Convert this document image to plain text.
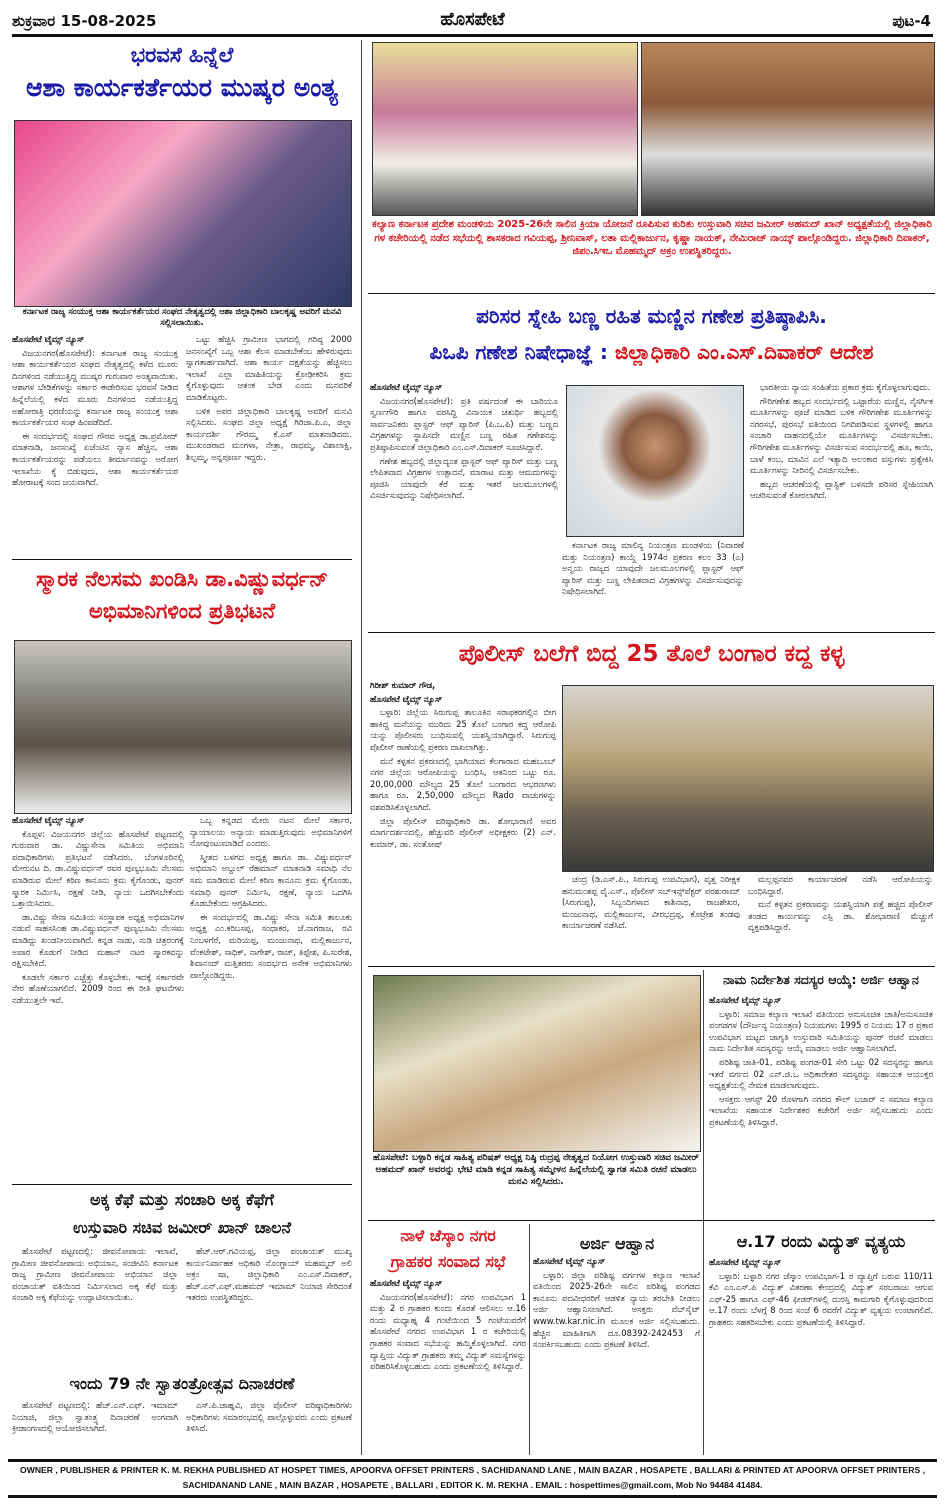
ಶುಕ್ರವಾರ 15-08-2025	ಹೊಸಪೇಟೆ	ಪುಟ-4
ಭರವಸೆ ಹಿನ್ನೆಲೆ
ಆಶಾ ಕಾರ್ಯಕರ್ತೆಯರ ಮುಷ್ಕರ ಅಂತ್ಯ
ಕರ್ನಾಟಕ ರಾಜ್ಯ ಸಂಯುಕ್ತ ಆಶಾ ಕಾರ್ಯಕರ್ತೆಯರ ಸಂಘದ ನೇತೃತ್ವದಲ್ಲಿ ಆಶಾ ಜಿಲ್ಲಾಧಿಕಾರಿ ಬಾಲಕೃಷ್ಣ ಅವರಿಗೆ ಮನವಿ ಸಲ್ಲಿಸಲಾಯಿತು.

ಹೊಸಪೇಟೆ ಟೈಮ್ಸ್ ನ್ಯೂಸ್

ವಿಜಯನಗರ(ಹೊಸಪೇಟೆ): ಕರ್ನಾಟಕ ರಾಜ್ಯ ಸಂಯುಕ್ತ ಆಶಾ ಕಾರ್ಯಕರ್ತೆಯರ ಸಂಘದ ನೇತೃತ್ವದಲ್ಲಿ ಕಳೆದ ಮೂರು ದಿನಗಳಿಂದ ನಡೆಯುತ್ತಿದ್ದ ಮುಷ್ಕರ ಗುರುವಾರ ಅಂತ್ಯವಾಯಿತು. ಆಶಾಗಳ ಬೇಡಿಕೆಗಳನ್ನು ಸರ್ಕಾರ ಈಡೇರಿಸುವ ಭರವಸೆ ನೀಡಿದ ಹಿನ್ನೆಲೆಯಲ್ಲಿ ಕಳೆದ ಮೂರು ದಿನಗಳಿಂದ ನಡೆಯುತ್ತಿದ್ದ ಅಹೋರಾತ್ರಿ ಧರಣಿಯನ್ನು ಕರ್ನಾಟಕ ರಾಜ್ಯ ಸಂಯುಕ್ತ ಆಶಾ ಕಾರ್ಯಕರ್ತೆಯರ ಸಂಘ ಹಿಂಪಡೆದಿದೆ.

ಈ ಸಂದರ್ಭದಲ್ಲಿ ಸಂಘದ ಗೌರವ ಅಧ್ಯಕ್ಷ ಡಾ.ಪ್ರಮೋದ್ ಮಾತನಾಡಿ, ಜನಸಂಖ್ಯೆ ಏಜೆಂಟಿನ ನ್ಯಾಸ ಹೆಚ್ಚಿನ, ಆಶಾ ಕಾರ್ಯಕರ್ತೆಯರನ್ನು ಪಡೆಯಲು ತೀರ್ಮಾನವನ್ನು ಅರೋಗ ಇಲಾಖೆಯ ಕೈ ಬಿಡುವುದು, ಆಶಾ ಕಾರ್ಯಕರ್ತೆಯರ ಹೋರಾಟಕ್ಕೆ ಸಂದ ಜಯವಾಗಿದೆ.

ಒಟ್ಟು ಹೆಚ್ಚಿಸಿ ಗ್ರಾಮೀಣ ಭಾಗದಲ್ಲಿ ಗರಿಷ್ಠ 2000 ಜನಸಂಖ್ಯೆಗೆ ಒಬ್ಬ ಆಶಾ ಕೆಲಸ ಮಾಡಬೇಕೆಂಬ ಹೇಳಿರುವುದು ಸ್ವಾಗತಾರ್ಹವಾಗಿದೆ. ಆಶಾ ಕಾರ್ಯ ದಕ್ಷತೆಯನ್ನು ಹೆಚ್ಚಿಸಲು ಇಲಾಖೆ ಎಲ್ಲಾ ಮಾಹಿತಿಯನ್ನು ಕ್ರೋಢೀಕರಿಸಿ ಕ್ರಮ ಕೈಗೊಳ್ಳುವುದು ಆತಂಕ ಬೇಡ ಎಂದು ಮನವರಿಕೆ ಮಾಡಿಕೊಟ್ಟರು.

ಬಳಿಕ ಅಪರ ಜಿಲ್ಲಾಧಿಕಾರಿ ಬಾಲಕೃಷ್ಣ ಅವರಿಗೆ ಮನವಿ ಸಲ್ಲಿಸಿದರು. ಸಂಘದ ಜಿಲ್ಲಾ ಅಧ್ಯಕ್ಷೆ ಗಿರಿಜಾ.ಪಿ.ಎ, ಜಿಲ್ಲಾ ಕಾರ್ಯದರ್ಶಿ ಗೌರಮ್ಮ ಕೆ.ಎಸ್ ಮಾತನಾಡಿದರು. ಮುಖಂಡರಾದ ಮಂಗಳಾ, ನೇತ್ರಾ, ರಾಧಮ್ಮ, ವಿಶಾಲಾಕ್ಷಿ, ಶಿಲ್ಪಮ್ಮ, ಅನ್ನಪೂರ್ಣ ಇದ್ದರು.

ಸ್ಮಾರಕ ನೆಲಸಮ ಖಂಡಿಸಿ ಡಾ.ವಿಷ್ಣುವರ್ಧನ್
ಅಭಿಮಾನಿಗಳಿಂದ ಪ್ರತಿಭಟನೆ

ಹೊಸಪೇಟೆ ಟೈಮ್ಸ್ ನ್ಯೂಸ್

ಕೊಪ್ಪಳ: ವಿಜಯನಗರ ಜಿಲ್ಲೆಯ ಹೊಸಪೇಟೆ ಪಟ್ಟಣದಲ್ಲಿ ಗುರುವಾರ ಡಾ. ವಿಷ್ಣುಸೇನಾ ಸಮಿತಿಯ ಅಭಿಮಾನಿ ಪದಾಧಿಕಾರಿಗಳು ಪ್ರತಿಭಟನೆ ನಡೆಸಿದರು. ಬೆಂಗಳೂರಿನಲ್ಲಿ ಮೇರುನಟ ದಿ. ಡಾ.ವಿಷ್ಣುವರ್ಧನ್ ರವರ ಪುಣ್ಯಭೂಮಿ ನೆಲಸಮ ಮಾಡಿರುವ ಮೇಲೆ ಕಠಿಣ ಕಾನೂನು ಕ್ರಮ ಕೈಗೊಂಡು, ಪುನರ್ ಸ್ಮಾರಕ ನಿರ್ಮಿಸಿ, ರಕ್ಷಣೆ ನೀಡಿ, ನ್ಯಾಯ ಒದಗಿಸಬೇಕೆಂದು ಒತ್ತಾಯಿಸಿದರು.

ಡಾ.ವಿಷ್ಣು ಸೇನಾ ಸಮಿತಿಯ ಸಂಸ್ಥಾಪಕ ಅಧ್ಯಕ್ಷ ಅಭಿಮಾನಿಗಳ ನಡುವೆ ಸಾಹಸಸಿಂಹ ಡಾ.ವಿಷ್ಣುವರ್ಧನ್ ಪುಣ್ಯಭೂಮಿ ನೆಲಸಮ ಮಾಡಿದ್ದು ಖಂಡನೀಯವಾಗಿದೆ. ಕನ್ನಡ ನಾಡು, ನುಡಿ ಚಿತ್ರರಂಗಕ್ಕೆ ಅಪಾರ ಕೊಡುಗೆ ನೀಡಿದ ಮಹಾನ್ ನಟರ ಸ್ಮಾರಕವನ್ನು ರಕ್ಷಿಸಬೇಕಿದೆ.

ಕೂಡಲೇ ಸರ್ಕಾರ ಎಚ್ಚೆತ್ತು ಕೊಳ್ಳಬೇಕು. ಇದಕ್ಕೆ ಸರ್ಕಾರವೇ ನೇರ ಹೊಣೆಯಾಗಲಿದೆ. 2009 ರಿಂದ ಈ ರೀತಿ ಘಟನೆಗಳು ನಡೆಯುತ್ತಲೇ ಇವೆ.

ಒಬ್ಬ ಕನ್ನಡದ ಮೇರು ನಟನ ಮೇಲೆ ಸರ್ಕಾರ, ನ್ಯಾಯಾಲಯ ಅನ್ಯಾಯ ಮಾಡುತ್ತಿರುವುದು ಅಭಿಮಾನಿಗಳಿಗೆ ನೋವುಂಟುಮಾಡಿದೆ ಎಂದರು.

ಸ್ಮೀತದ ಬಳಗದ ಅಧ್ಯಕ್ಷ ಹಾಗೂ ಡಾ. ವಿಷ್ಣುವರ್ಧನ್ ಅಭಿಮಾನಿ ಅಬ್ದುಲ್ ರೆಹಮಾನ್ ಮಾತನಾಡಿ ಸಮಾಧಿ ನೆಲ ಸಮ ಮಾಡಿರುವ ಮೇಲೆ ಕಠಿಣ ಕಾನೂನು ಕ್ರಮ ಕೈಗೊಂಡು, ಸಮಾಧಿ ಪುನರ್ ನಿರ್ಮಿಸಿ, ರಕ್ಷಣೆ, ನ್ಯಾಯ ಒದಗಿಸಿ ಕೊಡಬೇಕೆಂದು ಆಗ್ರಹಿಸಿದರು.

ಈ ಸಂದರ್ಭದಲ್ಲಿ ಡಾ.ವಿಷ್ಣು ಸೇನಾ ಸಮಿತಿ ತಾಲೂಕು ಅಧ್ಯಕ್ಷ ಎಂ.ಕರಿಬಸಪ್ಪ, ಸಂಧಾಕರ, ಜೆ.ನಾಗರಾಜ, ರವಿ ನಿಂಬಳಗೆರೆ, ಮರಿಯಪ್ಪ, ಮಂಜುನಾಥ, ಮಲ್ಲಿಕಾರ್ಜುನ, ವೆಂಕಟೇಶ್, ಸಾಧಿಕ್, ನಾಗೇಶ್, ರಾಜ್, ತಿಪ್ಪೇಶ, ಪಿ.ಸುರೇಶ, ಶಿವಾನಂದ್ ಮತ್ತಿತರರು ಸಂದರ್ಭದ ಅನೇಕ ಅಭಿಮಾನಿಗಳು ಪಾಲ್ಗೊಂಡಿದ್ದರು.

ಅಕ್ಕ ಕೆಫೆ ಮತ್ತು ಸಂಚಾರಿ ಅಕ್ಕ ಕೆಫೆಗೆ
ಉಸ್ತುವಾರಿ ಸಚಿವ ಜಮೀರ್ ಖಾನ್ ಚಾಲನೆ

ಹೊಸಪೇಟೆ ಪಟ್ಟಣದಲ್ಲಿ: ಜೀವನೋಪಾಯ ಇಲಾಖೆ, ಗ್ರಾಮೀಣ ಜೀವನೋಪಾಯ ಅಭಿಯಾನ, ಸಂಜೀವಿನಿ ಕರ್ನಾಟಕ ರಾಜ್ಯ ಗ್ರಾಮೀಣ ಜೀವನೋಪಾಯ ಅಭಿಯಾನ ಜಿಲ್ಲಾ ಪಂಚಾಯತ್ ವತಿಯಿಂದ ನಿರ್ಮಿಸಲಾದ ಅಕ್ಕ ಕೆಫೆ ಮತ್ತು ಸಂಚಾರಿ ಅಕ್ಕ ಕೆಫೆಯನ್ನು ಉದ್ಘಾಟಿಸಲಾಯಿತು.

ಹೆಚ್.ಆರ್.ಗವಿಯಪ್ಪ, ಜಿಲ್ಲಾ ಪಂಚಾಯತ್ ಮುಖ್ಯ ಕಾರ್ಯನಿರ್ವಾಹಕ ಅಧಿಕಾರಿ ನೊಂಗ್ಜಾಯ್ ಮಹಮ್ಮದ್ ಅಲಿ ಅಕ್ರಂ ಷಾ, ಜಿಲ್ಲಾಧಿಕಾರಿ ಎಂ.ಎಸ್.ದಿವಾಕರ್, ಹೆಚ್.ಎನ್.ಎಫ್.ಮಹಮದ್ ಇಮಾಮ್ ನಿಯಾಜಿ ಸೇರಿದಂತೆ ಇತರರು ಉಪಸ್ಥಿತರಿದ್ದರು.

ಇಂದು 79 ನೇ ಸ್ವಾತಂತ್ರೋತ್ಸವ ದಿನಾಚರಣೆ

ಹೊಸಪೇಟೆ ಪಟ್ಟಣದಲ್ಲಿ: ಹೆಚ್.ಎನ್.ಎಫ್. ಇಮಾಮ್ ನಿಯಾಜಿ, ಜಿಲ್ಲಾ ಸ್ವಾತಂತ್ರ್ಯ ದಿನಾಚರಣೆ ಅಂಗವಾಗಿ ಕ್ರೀಡಾಂಗಣದಲ್ಲಿ ಆಯೋಜಿಸಲಾಗಿದೆ.

ಎಸ್.ಪಿ.ಜಾಹ್ನವಿ, ಜಿಲ್ಲಾ ಪೊಲೀಸ್ ವರಿಷ್ಠಾಧಿಕಾರಿಗಳು ಅಧಿಕಾರಿಗಳು ಸಮಾರಂಭದಲ್ಲಿ ಪಾಲ್ಗೊಳ್ಳುವರು ಎಂದು ಪ್ರಕಟಣೆ ತಿಳಿಸಿದೆ.

ಕಲ್ಯಾಣ ಕರ್ನಾಟಕ ಪ್ರದೇಶ ಮಂಡಳಿಯ 2025-26ನೇ ಸಾಲಿನ ಕ್ರಿಯಾ ಯೋಜನೆ ರೂಪಿಸುವ ಕುರಿತು ಉಸ್ತುವಾರಿ ಸಚಿವ ಜಮೀರ್ ಅಹಮದ್ ಖಾನ್ ಅಧ್ಯಕ್ಷತೆಯಲ್ಲಿ ಜಿಲ್ಲಾಧಿಕಾರಿ ಗಳ ಕಚೇರಿಯಲ್ಲಿ ನಡೆದ ಸಭೆಯಲ್ಲಿ ಶಾಸಕರಾದ ಗವಿಯಪ್ಪ, ಶ್ರೀನಿವಾಸ್, ಲತಾ ಮಲ್ಲಿಕಾರ್ಜುನ, ಕೃಷ್ಣಾ ನಾಯಕ್, ನೇಮಿರಾಜ್ ನಾಯ್ಕ್ ಪಾಲ್ಗೊಂಡಿದ್ದರು. ಜಿಲ್ಲಾಧಿಕಾರಿ ದಿವಾಕರ್, ಜಿಪಂ.ಸಿಇಒ ಮೊಹಮ್ಮದ್ ಅಕ್ರಂ ಉಪಸ್ಥಿತರಿದ್ದರು.
ಪರಿಸರ ಸ್ನೇಹಿ ಬಣ್ಣ ರಹಿತ ಮಣ್ಣಿನ ಗಣೇಶ ಪ್ರತಿಷ್ಠಾಪಿಸಿ.
ಪಿಒಪಿ ಗಣೇಶ ನಿಷೇಧಾಜ್ಞೆ : ಜಿಲ್ಲಾಧಿಕಾರಿ ಎಂ.ಎಸ್.ದಿವಾಕರ್ ಆದೇಶ

ಹೊಸಪೇಟೆ ಟೈಮ್ಸ್ ನ್ಯೂಸ್

ವಿಜಯನಗರ(ಹೊಸಪೇಟೆ): ಪ್ರತಿ ವರ್ಷದಂತೆ ಈ ಬಾರಿಯೂ ಸ್ವರ್ಣಗೌರಿ ಹಾಗೂ ವರಸಿದ್ಧಿ ವಿನಾಯಕ ಚತುರ್ಥಿ ಹಬ್ಬದಲ್ಲಿ ಸಾರ್ವಜನಿಕರು ಪ್ಲಾಸ್ಟರ್ ಆಫ್ ಪ್ಯಾರಿಸ್ (ಪಿ.ಒ.ಪಿ) ಮತ್ತು ಬಣ್ಣದ ವಿಗ್ರಹಗಳನ್ನು ಸ್ಥಾಪಿಸದೇ ಮಣ್ಣಿನ ಬಣ್ಣ ರಹಿತ ಗಣೇಶನನ್ನು ಪ್ರತಿಷ್ಠಾಪಿಸುವಂತೆ ಜಿಲ್ಲಾಧಿಕಾರಿ ಎಂ.ಎಸ್.ದಿವಾಕರ್ ಸೂಚಿಸಿದ್ದಾರೆ.

ಗಣೇಶ ಹಬ್ಬದಲ್ಲಿ ಜಿಲ್ಲಾದ್ಯಂತ ಪ್ಲಾಸ್ಟರ್ ಆಫ್ ಪ್ಯಾರಿಸ್ ಮತ್ತು ಬಣ್ಣ ಲೇಪಿತವಾದ ವಿಗ್ರಹಗಳ ಉತ್ಪಾದನೆ, ಮಾರಾಟ ಮತ್ತು ಆಮದುಗಳನ್ನು ಪೂಜಿಸಿ ಯಾವುದೇ ಕೆರೆ ಮತ್ತು ಇತರೆ ಜಲಮೂಲಗಳಲ್ಲಿ ವಿಸರ್ಜಿಸುವುದನ್ನು ನಿಷೇಧಿಸಲಾಗಿದೆ.

ಕರ್ನಾಟಕ ರಾಜ್ಯ ಮಾಲಿನ್ಯ ನಿಯಂತ್ರಣ ಮಂಡಳಿಯ (ನಿವಾರಣೆ ಮತ್ತು ನಿಯಂತ್ರಣ) ಕಾಯ್ದೆ 1974ರ ಪ್ರಕರಣ ಕಲಂ 33 (ಎ) ಅನ್ವಯ ರಾಜ್ಯದ ಯಾವುದೇ ಜಲಮೂಲಗಳಲ್ಲಿ ಪ್ಲಾಸ್ಟರ್ ಆಫ್ ಪ್ಯಾರಿಸ್ ಮತ್ತು ಬಣ್ಣ ಲೇಪಿತವಾದ ವಿಗ್ರಹಗಳನ್ನು ವಿಸರ್ಜಿಸುವುದನ್ನು ನಿಷೇಧಿಸಲಾಗಿದೆ.

ಭಾರತೀಯ ನ್ಯಾಯ ಸಂಹಿತೆಯ ಪ್ರಕಾರ ಕ್ರಮ ಕೈಗೊಳ್ಳಲಾಗುವುದು.

ಗೌರಿಗಣೇಶ ಹಬ್ಬದ ಸಂದರ್ಭದಲ್ಲಿ ಒಟ್ಟಾರೆಯ ಮಣ್ಣಿನ, ನೈಸರ್ಗಿಕ ಮೂರ್ತಿಗಳನ್ನು ಪೂಜೆ ಮಾಡಿದ ಬಳಿಕ ಗೌರಿಗಣೇಶ ಮೂರ್ತಿಗಳನ್ನು ನಗರಸಭೆ, ಪುರಸಭೆ ವತಿಯಿಂದ ನಿಗದಿಪಡಿಸುವ ಸ್ಥಳಗಳಲ್ಲಿ ಹಾಗೂ ಸಂಚಾರಿ ವಾಹನದಲ್ಲಿಯೇ ಮೂರ್ತಿಗಳನ್ನು ವಿಸರ್ಜಿಸಬೇಕು. ಗೌರಿಗಣೇಶ ಮೂರ್ತಿಗಳನ್ನು ವಿಸರ್ಜಿಸುವ ಸಂದರ್ಭದಲ್ಲಿ ಹೂ, ಕಾಯಿ, ಬಾಳೆ ಕಂಬ, ಮಾವಿನ ಎಲೆ ಇತ್ಯಾದಿ ಅಲಂಕಾರ ವಸ್ತುಗಳು ಪ್ರತ್ಯೇಕಿಸಿ ಮೂರ್ತಿಗಳನ್ನು ನೀರಿನಲ್ಲಿ ವಿಸರ್ಜಿಸಬೇಕು.

ಹಬ್ಬದ ಆಚರಣೆಯಲ್ಲಿ ಪ್ಲಾಸ್ಟಿಕ್ ಬಳಸದೇ ಪರಿಸರ ಸ್ನೇಹಿಯಾಗಿ ಆಚರಿಸುವಂತೆ ಕೋರಲಾಗಿದೆ.

ಪೊಲೀಸ್ ಬಲೆಗೆ ಬಿದ್ದ 25 ತೊಲೆ ಬಂಗಾರ ಕದ್ದ ಕಳ್ಳ

ಗಿರೀಶ್ ಕುಮಾರ್ ಗೌಡ,

ಹೊಸಪೇಟೆ ಟೈಮ್ಸ್ ನ್ಯೂಸ್

ಬಳ್ಳಾರಿ: ಜಿಲ್ಲೆಯ ಸಿರುಗುಪ್ಪ ತಾಲೂಕಿನ ಸರಾಫಕರಗಲ್ಲಿನ ಬೀಗ ಹಾಕಿದ್ದ ಮನೆಯನ್ನು ಮುರಿದು 25 ತೊಲೆ ಬಂಗಾರ ಕದ್ದ ಆರೋಪಿ ಯನ್ನು ಪೊಲೀಸರು ಬಂಧಿಸುವಲ್ಲಿ ಯಶಸ್ವಿಯಾಗಿದ್ದಾರೆ. ಸಿರುಗುಪ್ಪ ಪೊಲೀಸ್ ಠಾಣೆಯಲ್ಲಿ ಪ್ರಕರಣ ದಾಖಲಾಗಿತ್ತು.

ಮನೆ ಕಳ್ಳತನ ಪ್ರಕರಣದಲ್ಲಿ ಭಾಗಿಯಾದ ಕೆಲಗಾರಾದ ಮಹಬೂಬ್ ನಗರ ಜಿಲ್ಲೆಯ ಆರೋಪಿಯನ್ನು ಬಂಧಿಸಿ, ಆತನಿಂದ ಒಟ್ಟು ರೂ. 20,00,000 ಮೌಲ್ಯದ 25 ತೊಲೆ ಬಂಗಾರದ ಆಭರಣಗಳು ಹಾಗೂ ರೂ. 2,50,000 ಮೌಲ್ಯದ Rado ವಾಚುಗಳನ್ನು ವಶಪಡಿಸಿಕೊಳ್ಳಲಾಗಿದೆ.

ಜಿಲ್ಲಾ ಪೊಲೀಸ್ ವರಿಷ್ಠಾಧಿಕಾರಿ ಡಾ. ಶೋಭಾರಾಣಿ ಅವರ ಮಾರ್ಗದರ್ಶನದಲ್ಲಿ, ಹೆಚ್ಚುವರಿ ಪೊಲೀಸ್ ಅಧೀಕ್ಷಕರು (2) ಎನ್. ಕುಮಾರ್, ಡಾ. ಸಂತೋಷ್

ಚಂದ್ರ (ಡಿ.ಎಸ್.ಪಿ., ಸಿರುಗುಪ್ಪ ಉಪವಿಭಾಗ), ವೃತ್ತ ನಿರೀಕ್ಷಕ ಹನುಮಂತಪ್ಪ ವೈ.ಎಸ್., ಪೊಲೀಸ್ ಸಬ್‌ಇನ್ಸ್‌ಪೆಕ್ಟರ್ ಪರಶುರಾಮ್ (ಸಿರುಗುಪ್ಪ), ಸಿಬ್ಬಂದಿಗಳಾದ ಕಾಶಿನಾಥ, ರಾಜಶೇಖರ, ಮಂಜುನಾಥ, ಮಲ್ಲಿಕಾರ್ಜುನ, ವೀರಭದ್ರಪ್ಪ, ಕೊಟ್ರೇಶ ತಂಡವು ಕಾರ್ಯಾಚರಣೆ ನಡೆಸಿದೆ.

ಮಲ್ಲಪ್ಪನವರ ಕಾರ್ಯಾಚರಣೆ ನಡೆಸಿ ಆರೋಪಿಯನ್ನು ಬಂಧಿಸಿದ್ದಾರೆ.

ಮನೆ ಕಳ್ಳತನ ಪ್ರಕರಣವನ್ನು ಯಶಸ್ವಿಯಾಗಿ ಪತ್ತೆ ಹಚ್ಚಿದ ಪೊಲೀಸ್ ತಂಡದ ಕಾರ್ಯವನ್ನು ಎಸ್ಪಿ ಡಾ. ಶೋಭಾರಾಣಿ ಮೆಚ್ಚುಗೆ ವ್ಯಕ್ತಪಡಿಸಿದ್ದಾರೆ.

ಹೊಸಪೇಟೆ: ಬಳ್ಳಾರಿ ಕನ್ನಡ ಸಾಹಿತ್ಯ ಪರಿಷತ್ ಅಧ್ಯಕ್ಷ ನಿಷ್ಠಿ ರುದ್ರಪ್ಪ ನೇತೃತ್ವದ ನಿಯೋಗ ಉಸ್ತುವಾರಿ ಸಚಿವ ಜಮೀರ್ ಅಹಮದ್ ಖಾನ್ ಅವರನ್ನು ಭೇಟಿ ಮಾಡಿ ಕನ್ನಡ ಸಾಹಿತ್ಯ ಸಮ್ಮೇಳನ ಹಿನ್ನೆಲೆಯಲ್ಲಿ ಸ್ವಾಗತ ಸಮಿತಿ ರಚನೆ ಮಾಡಲು ಮನವಿ ಸಲ್ಲಿಸಿದರು.
ನಾಮ ನಿರ್ದೇಶಿತ ಸದಸ್ಯರ ಆಯ್ಕೆ: ಅರ್ಜಿ ಆಹ್ವಾನ

ಹೊಸಪೇಟೆ ಟೈಮ್ಸ್ ನ್ಯೂಸ್

ಬಳ್ಳಾರಿ: ಸಮಾಜ ಕಲ್ಯಾಣ ಇಲಾಖೆ ವತಿಯಿಂದ ಅನುಸೂಚಿತ ಜಾತಿ/ಅನುಸೂಚಿತ ಪಂಗಡಗಳ (ದೌರ್ಜನ್ಯ ನಿಯಂತ್ರಣ) ನಿಯಮಗಳು 1995 ರ ನಿಯಮ 17 ರ ಪ್ರಕಾರ ಉಪವಿಭಾಗ ಮಟ್ಟದ ಜಾಗೃತಿ ಉಸ್ತುವಾರಿ ಸಮಿತಿಯನ್ನು ಪುನರ್ ರಚನೆ ಮಾಡಲು ನಾಮ ನಿರ್ದೇಶಿತ ಸದಸ್ಯರನ್ನು ಆಯ್ಕೆ ಮಾಡಲು ಅರ್ಜಿ ಆಹ್ವಾನಿಸಲಾಗಿದೆ.

ಪರಿಶಿಷ್ಟ ಜಾತಿ-01, ಪರಿಶಿಷ್ಟ ಪಂಗಡ-01 ಸೇರಿ ಒಟ್ಟು 02 ಸದಸ್ಯರನ್ನು ಹಾಗೂ ಇತರೆ ವರ್ಗದ 02 ಎನ್.ಜಿ.ಒ ಅಧಿಕಾರೇತರ ಸದಸ್ಯರನ್ನು ಸಹಾಯಕ ಆಯುಕ್ತರ ಅಧ್ಯಕ್ಷತೆಯಲ್ಲಿ ನೇಮಕ ಮಾಡಲಾಗುವುದು.

ಆಸಕ್ತರು ಆಗಸ್ಟ್ 20 ರೊಳಗಾಗಿ ನಗರದ ಕೌಲ್ ಬಜಾರ್ ನ ಸಮಾಜ ಕಲ್ಯಾಣ ಇಲಾಖೆಯ ಸಹಾಯಕ ನಿರ್ದೇಶಕರ ಕಚೇರಿಗೆ ಅರ್ಜಿ ಸಲ್ಲಿಸಬಹುದು ಎಂದು ಪ್ರಕಟಣೆಯಲ್ಲಿ ತಿಳಿಸಿದ್ದಾರೆ.

ನಾಳೆ ಚೆಸ್ಕಾಂ ನಗರ
ಗ್ರಾಹಕರ ಸಂವಾದ ಸಭೆ

ಹೊಸಪೇಟೆ ಟೈಮ್ಸ್ ನ್ಯೂಸ್

ವಿಜಯನಗರ(ಹೊಸಪೇಟೆ): ನಗರ ಉಪವಿಭಾಗ 1 ಮತ್ತು 2 ರ ಗ್ರಾಹಕರ ಕುಂದು ಕೊರತೆ ಆಲಿಸಲು ಆ.16 ರಂದು ಮಧ್ಯಾಹ್ನ 4 ಗಂಟೆಯಿಂದ 5 ಗಂಟೆಯವರೆಗೆ ಹೊಸಪೇಟೆ ನಗರದ ಉಪವಿಭಾಗ 1 ರ ಕಚೇರಿಯಲ್ಲಿ ಗ್ರಾಹಕರ ಸಂವಾದ ಸಭೆಯನ್ನು ಹಮ್ಮಿಕೊಳ್ಳಲಾಗಿದೆ. ನಗರ ವ್ಯಾಪ್ತಿಯ ವಿದ್ಯುತ್ ಗ್ರಾಹಕರು ತಮ್ಮ ವಿದ್ಯುತ್ ಸಮಸ್ಯೆಗಳನ್ನು ಪರಿಹರಿಸಿಕೊಳ್ಳಬಹುದು ಎಂದು ಪ್ರಕಟಣೆಯಲ್ಲಿ ತಿಳಿಸಿದ್ದಾರೆ.

ಅರ್ಜಿ ಆಹ್ವಾನ

ಹೊಸಪೇಟೆ ಟೈಮ್ಸ್ ನ್ಯೂಸ್

ಬಳ್ಳಾರಿ: ಜಿಲ್ಲಾ ಪರಿಶಿಷ್ಟ ವರ್ಗಗಳ ಕಲ್ಯಾಣ ಇಲಾಖೆ ವತಿಯಿಂದ 2025-26ನೇ ಸಾಲಿನ ಪರಿಶಿಷ್ಟ ಪಂಗಡದ ಕಾನೂನು ಪದವೀಧರರಿಗೆ ಆಡಳಿತ ನ್ಯಾಯ ತರಬೇತಿ ನೀಡಲು ಅರ್ಜಿ ಆಹ್ವಾನಿಸಲಾಗಿದೆ. ಆಸಕ್ತರು ವೆಬ್‌ಸೈಟ್ www.tw.kar.nic.in ಮೂಲಕ ಅರ್ಜಿ ಸಲ್ಲಿಸಬಹುದು. ಹೆಚ್ಚಿನ ಮಾಹಿತಿಗಾಗಿ ದೂ.08392-242453 ಗೆ ಸಂಪರ್ಕಿಸಬಹುದು ಎಂದು ಪ್ರಕಟಣೆ ತಿಳಿಸಿದೆ.

ಆ.17 ರಂದು ವಿದ್ಯುತ್ ವ್ಯತ್ಯಯ

ಹೊಸಪೇಟೆ ಟೈಮ್ಸ್ ನ್ಯೂಸ್

ಬಳ್ಳಾರಿ: ಬಳ್ಳಾರಿ ನಗರ ಜೆಸ್ಕಾಂ ಉಪವಿಭಾಗ-1 ರ ವ್ಯಾಪ್ತಿಗೆ ಬರುವ 110/11 ಕೆವಿ ಎಂ.ಎಸ್.ಪಿ ವಿದ್ಯುತ್ ವಿತರಣಾ ಕೇಂದ್ರದಲ್ಲಿ ವಿದ್ಯುತ್ ಸರಬರಾಜು ಆಗುವ ಎಫ್-25 ಹಾಗೂ ಎಫ್-46 ಫೀಡರ್‌ಗಳಲ್ಲಿ ದುರಸ್ತಿ ಕಾಮಗಾರಿ ಕೈಗೊಳ್ಳುವುದರಿಂದ ಆ.17 ರಂದು ಬೆಳಗ್ಗೆ 8 ರಿಂದ ಸಂಜೆ 6 ರವರೆಗೆ ವಿದ್ಯುತ್ ವ್ಯತ್ಯಯ ಉಂಟಾಗಲಿದೆ. ಗ್ರಾಹಕರು ಸಹಕರಿಸಬೇಕು ಎಂದು ಪ್ರಕಟಣೆಯಲ್ಲಿ ತಿಳಿಸಿದ್ದಾರೆ.

OWNER , PUBLISHER & PRINTER K. M. REKHA PUBLISHED AT HOSPET TIMES, APOORVA OFFSET PRINTERS , SACHIDANAND LANE , MAIN BAZAR , HOSAPETE , BALLARI & PRINTED AT APOORVA OFFSET PRINTERS ,
SACHIDANAND LANE , MAIN BAZAR , HOSAPETE , BALLARI , EDITOR K. M. REKHA . EMAIL : hospettimes@gmail.com, Mob No 94484 41484.
